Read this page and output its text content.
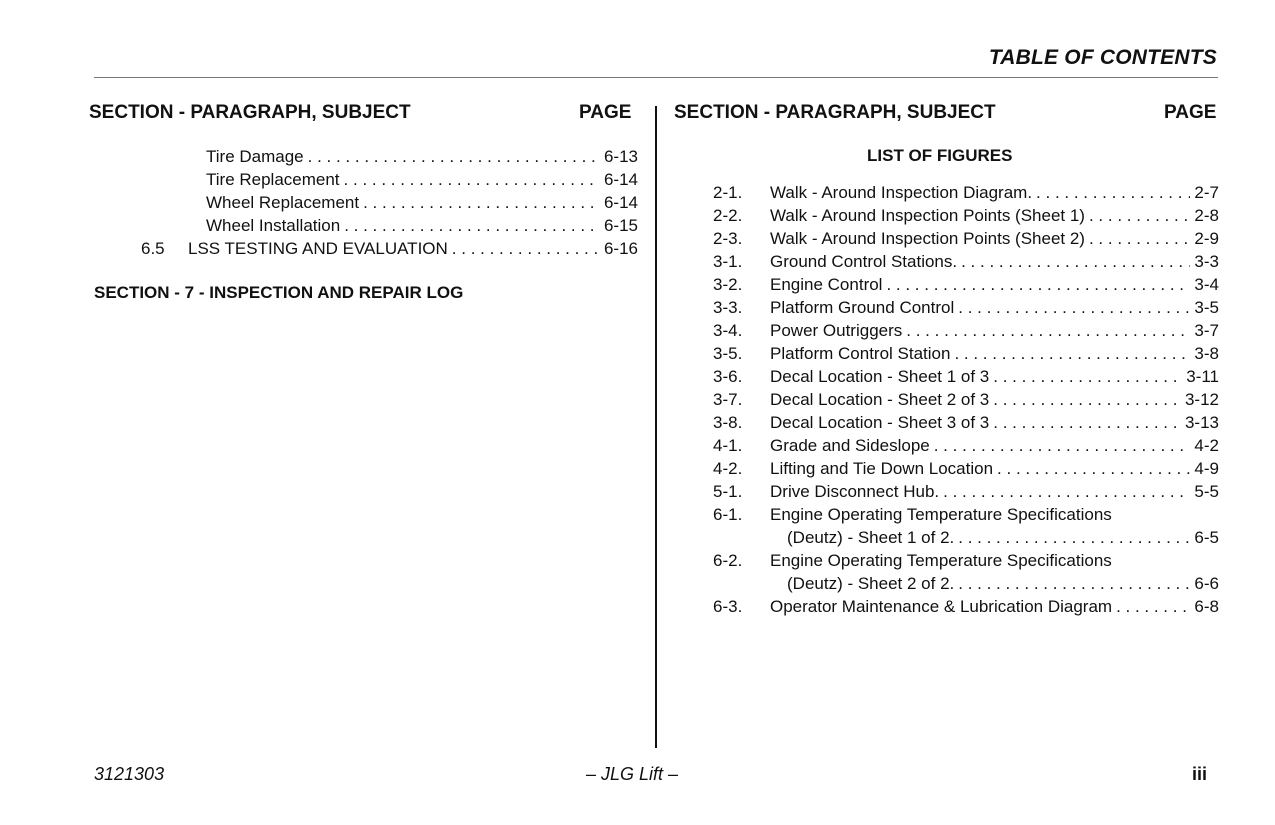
TABLE OF CONTENTS
SECTION - PARAGRAPH, SUBJECT	PAGE
Tire Damage . . .	6-13
Tire Replacement . . .	6-14
Wheel Replacement . . .	6-14
Wheel Installation . . .	6-15
6.5 LSS TESTING AND EVALUATION . . .	6-16
SECTION - 7 - INSPECTION AND REPAIR LOG
SECTION - PARAGRAPH, SUBJECT	PAGE
LIST OF FIGURES
2-1. Walk - Around Inspection Diagram. . . .	2-7
2-2. Walk - Around Inspection Points (Sheet 1) . . .	2-8
2-3. Walk - Around Inspection Points (Sheet 2) . . .	2-9
3-1. Ground Control Stations. . . .	3-3
3-2. Engine Control . . .	3-4
3-3. Platform Ground Control . . .	3-5
3-4. Power Outriggers . . .	3-7
3-5. Platform Control Station . . .	3-8
3-6. Decal Location - Sheet 1 of 3 . . .	3-11
3-7. Decal Location - Sheet 2 of 3 . . .	3-12
3-8. Decal Location - Sheet 3 of 3 . . .	3-13
4-1. Grade and Sideslope . . .	4-2
4-2. Lifting and Tie Down Location . . .	4-9
5-1. Drive Disconnect Hub. . . .	5-5
6-1. Engine Operating Temperature Specifications
(Deutz) - Sheet 1 of 2. . . .	6-5
6-2. Engine Operating Temperature Specifications
(Deutz) - Sheet 2 of 2. . . .	6-6
6-3. Operator Maintenance & Lubrication Diagram . . .	6-8
3121303	– JLG Lift –	iii
